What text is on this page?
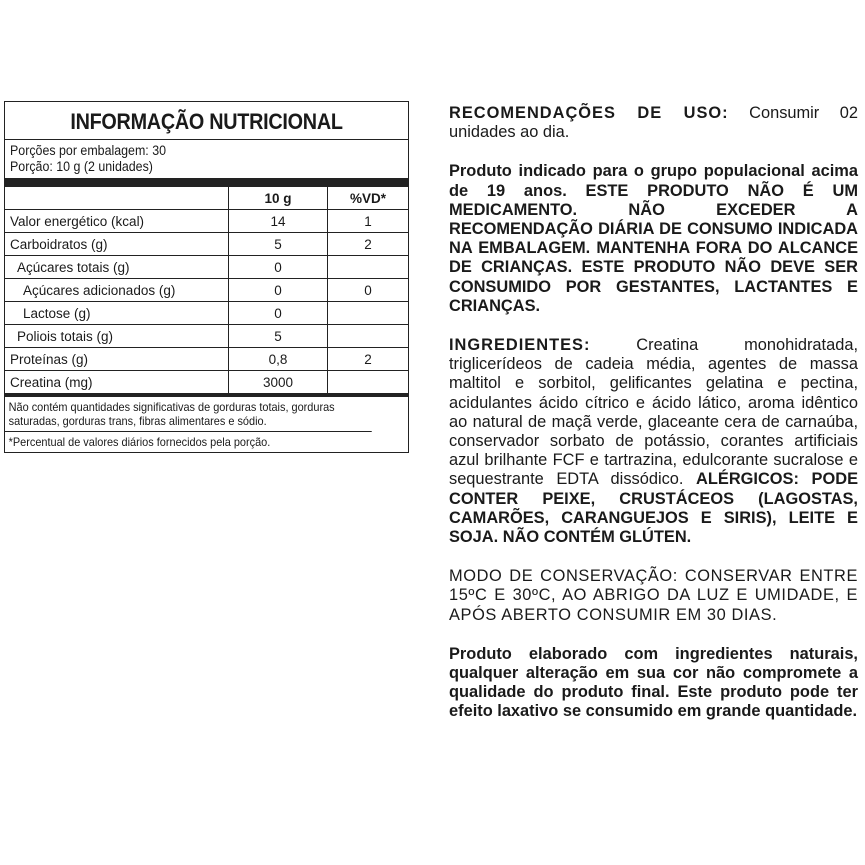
INFORMAÇÃO NUTRICIONAL
Porções por embalagem: 30
Porção: 10 g (2 unidades)
	10 g	%VD*
Valor energético (kcal)	14	1
Carboidratos (g)	5	2
Açúcares totais (g)	0	
Açúcares adicionados (g)	0	0
Lactose (g)	0	
Poliois totais (g)	5	
Proteínas (g)	0,8	2
Creatina (mg)	3000	
Não contém quantidades significativas de gorduras totais, gorduras
saturadas, gorduras trans, fibras alimentares e sódio.
*Percentual de valores diários fornecidos pela porção.

RECOMENDAÇÕES DE USO: Consumir 02 unidades ao dia.

Produto indicado para o grupo populacional acima de 19 anos. ESTE PRODUTO NÃO É UM MEDICAMENTO. NÃO EXCEDER A RECOMENDAÇÃO DIÁRIA DE CONSUMO INDICADA NA EMBALAGEM. MANTENHA FORA DO ALCANCE DE CRIANÇAS. ESTE PRODUTO NÃO DEVE SER CONSUMIDO POR GESTANTES, LACTANTES E CRIANÇAS.

INGREDIENTES: Creatina monohidratada, triglicerídeos de cadeia média, agentes de massa maltitol e sorbitol, gelificantes gelatina e pectina, acidulantes ácido cítrico e ácido lático, aroma idêntico ao natural de maçã verde, glaceante cera de carnaúba, conservador sorbato de potássio, corantes artificiais azul brilhante FCF e tartrazina, edulcorante sucralose e sequestrante EDTA dissódico. ALÉRGICOS: PODE CONTER PEIXE, CRUSTÁCEOS (LAGOSTAS, CAMARÕES, CARANGUEJOS E SIRIS), LEITE E SOJA. NÃO CONTÉM GLÚTEN.

MODO DE CONSERVAÇÃO: CONSERVAR ENTRE 15ºC E 30ºC, AO ABRIGO DA LUZ E UMIDADE, E APÓS ABERTO CONSUMIR EM 30 DIAS.

Produto elaborado com ingredientes naturais, qualquer alteração em sua cor não compromete a qualidade do produto final. Este produto pode ter efeito laxativo se consumido em grande quantidade.
